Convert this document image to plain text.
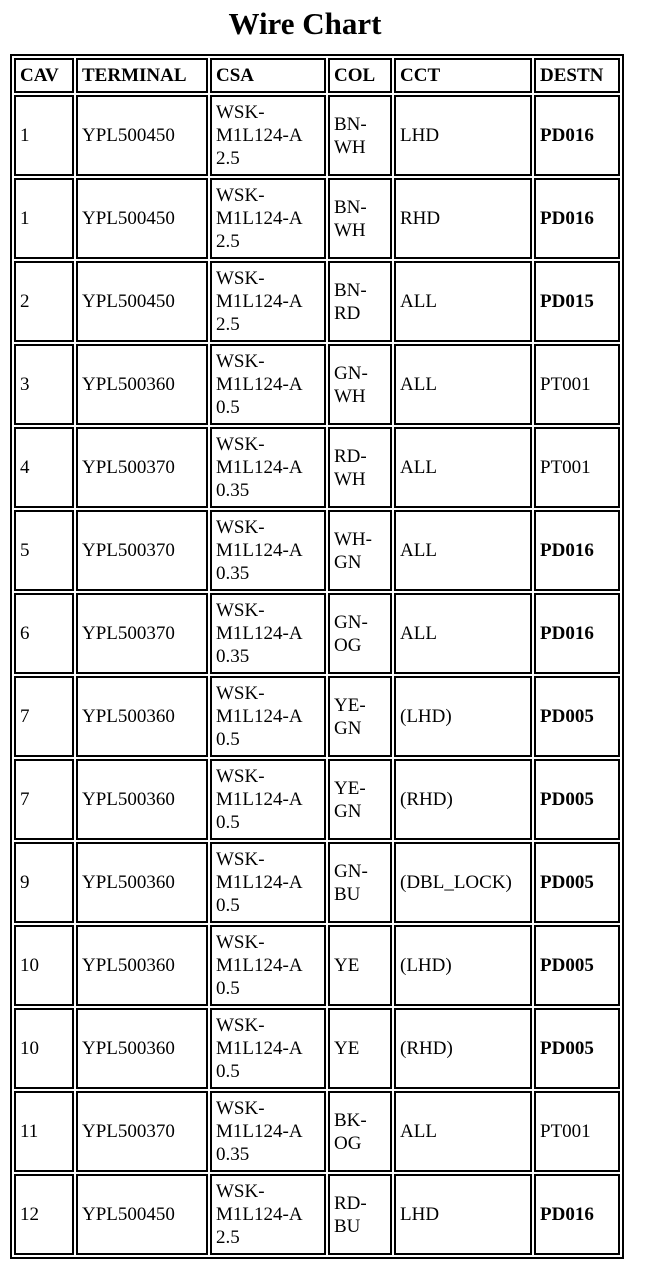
Wire Chart
CAV	TERMINAL	CSA	COL	CCT	DESTN
1	YPL500450	WSK-
M1L124-A
2.5	BN-
WH	LHD	PD016
1	YPL500450	WSK-
M1L124-A
2.5	BN-
WH	RHD	PD016
2	YPL500450	WSK-
M1L124-A
2.5	BN-
RD	ALL	PD015
3	YPL500360	WSK-
M1L124-A
0.5	GN-
WH	ALL	PT001
4	YPL500370	WSK-
M1L124-A
0.35	RD-
WH	ALL	PT001
5	YPL500370	WSK-
M1L124-A
0.35	WH-
GN	ALL	PD016
6	YPL500370	WSK-
M1L124-A
0.35	GN-
OG	ALL	PD016
7	YPL500360	WSK-
M1L124-A
0.5	YE-
GN	(LHD)	PD005
7	YPL500360	WSK-
M1L124-A
0.5	YE-
GN	(RHD)	PD005
9	YPL500360	WSK-
M1L124-A
0.5	GN-
BU	(DBL_LOCK)	PD005
10	YPL500360	WSK-
M1L124-A
0.5	YE	(LHD)	PD005
10	YPL500360	WSK-
M1L124-A
0.5	YE	(RHD)	PD005
11	YPL500370	WSK-
M1L124-A
0.35	BK-
OG	ALL	PT001
12	YPL500450	WSK-
M1L124-A
2.5	RD-
BU	LHD	PD016
